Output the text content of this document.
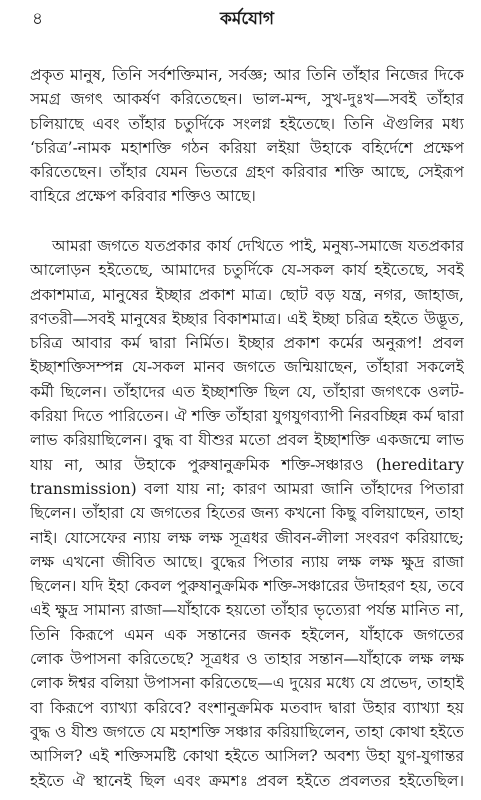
৪	কর্মযোগ
প্রকৃত মানুষ, তিনি সর্বশক্তিমান, সর্বজ্ঞ; আর তিনি তাঁহার নিজের দিকে
সমগ্র জগৎ আকর্ষণ করিতেছেন। ভাল-মন্দ, সুখ-দুঃখ—সবই তাঁহার
চলিয়াছে এবং তাঁহার চতুর্দিকে সংলগ্ন হইতেছে। তিনি ঐগুলির মধ্য
‘চরিত্র’-নামক মহাশক্তি গঠন করিয়া লইয়া উহাকে বহির্দেশে প্রক্ষেপ
করিতেছেন। তাঁহার যেমন ভিতরে গ্রহণ করিবার শক্তি আছে, সেইরূপ
বাহিরে প্রক্ষেপ করিবার শক্তিও আছে।
আমরা জগতে যতপ্রকার কার্য দেখিতে পাই, মনুষ্য-সমাজে যতপ্রকার
আলোড়ন হইতেছে, আমাদের চতুর্দিকে যে-সকল কার্য হইতেছে, সবই
প্রকাশমাত্র, মানুষের ইচ্ছার প্রকাশ মাত্র। ছোট বড় যন্ত্র, নগর, জাহাজ,
রণতরী—সবই মানুষের ইচ্ছার বিকাশমাত্র। এই ইচ্ছা চরিত্র হইতে উদ্ভূত,
চরিত্র আবার কর্ম দ্বারা নির্মিত। ইচ্ছার প্রকাশ কর্মের অনুরূপ! প্রবল
ইচ্ছাশক্তিসম্পন্ন যে-সকল মানব জগতে জন্মিয়াছেন, তাঁহারা সকলেই
কর্মী ছিলেন। তাঁহাদের এত ইচ্ছাশক্তি ছিল যে, তাঁহারা জগৎকে ওলট-
করিয়া দিতে পারিতেন। ঐ শক্তি তাঁহারা যুগযুগব্যাপী নিরবচ্ছিন্ন কর্ম দ্বারা
লাভ করিয়াছিলেন। বুদ্ধ বা যীশুর মতো প্রবল ইচ্ছাশক্তি একজন্মে লাভ
যায় না, আর উহাকে পুরুষানুক্রমিক শক্তি-সঞ্চারও (hereditary
transmission) বলা যায় না; কারণ আমরা জানি তাঁহাদের পিতারা
ছিলেন। তাঁহারা যে জগতের হিতের জন্য কখনো কিছু বলিয়াছেন, তাহা
নাই। যোসেফের ন্যায় লক্ষ লক্ষ সূত্রধর জীবন-লীলা সংবরণ করিয়াছে;
লক্ষ এখনো জীবিত আছে। বুদ্ধের পিতার ন্যায় লক্ষ লক্ষ ক্ষুদ্র রাজা
ছিলেন। যদি ইহা কেবল পুরুষানুক্রমিক শক্তি-সঞ্চারের উদাহরণ হয়, তবে
এই ক্ষুদ্র সামান্য রাজা—যাঁহাকে হয়তো তাঁহার ভৃত্যেরা পর্যন্ত মানিত না,
তিনি কিরূপে এমন এক সন্তানের জনক হইলেন, যাঁহাকে জগতের
লোক উপাসনা করিতেছে? সূত্রধর ও তাহার সন্তান—যাঁহাকে লক্ষ লক্ষ
লোক ঈশ্বর বলিয়া উপাসনা করিতেছে—এ দুয়ের মধ্যে যে প্রভেদ, তাহাই
বা কিরূপে ব্যাখ্যা করিবে? বংশানুক্রমিক মতবাদ দ্বারা উহার ব্যাখ্যা হয়
বুদ্ধ ও যীশু জগতে যে মহাশক্তি সঞ্চার করিয়াছিলেন, তাহা কোথা হইতে
আসিল? এই শক্তিসমষ্টি কোথা হইতে আসিল? অবশ্য উহা যুগ-যুগান্তর
হইতে ঐ স্থানেই ছিল এবং ক্রমশঃ প্রবল হইতে প্রবলতর হইতেছিল।
